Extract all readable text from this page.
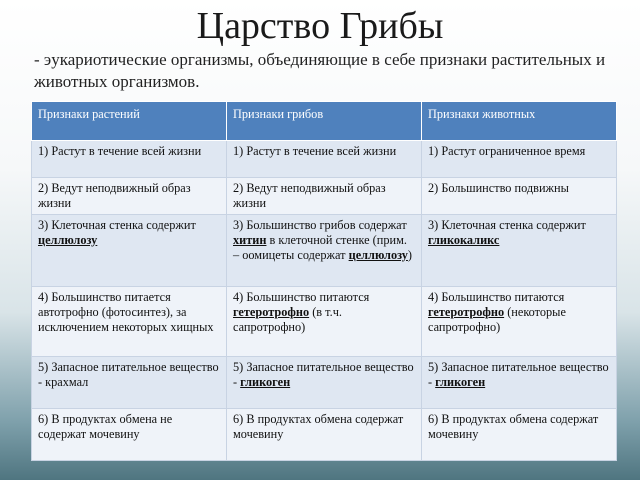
Царство Грибы
- эукариотические организмы, объединяющие в себе признаки растительных и животных организмов.
Признаки растений	Признаки грибов	Признаки животных
1) Растут в течение всей жизни	1) Растут в течение всей жизни	1) Растут ограниченное время
2) Ведут неподвижный образ жизни	2) Ведут неподвижный образ жизни	2) Большинство подвижны
3) Клеточная стенка содержит целлюлозу	3) Большинство грибов содержат хитин в клеточной стенке (прим. – оомицеты содержат целлюлозу)	3) Клеточная стенка содержит гликокаликс
4) Большинство питается автотрофно (фотосинтез), за исключением некоторых хищных	4) Большинство питаются гетеротрофно (в т.ч. сапротрофно)	4) Большинство питаются гетеротрофно (некоторые сапротрофно)
5) Запасное питательное вещество - крахмал	5) Запасное питательное вещество - гликоген	5) Запасное питательное вещество - гликоген
6) В продуктах обмена не содержат мочевину	6) В продуктах обмена содержат мочевину	6) В продуктах обмена содержат мочевину
